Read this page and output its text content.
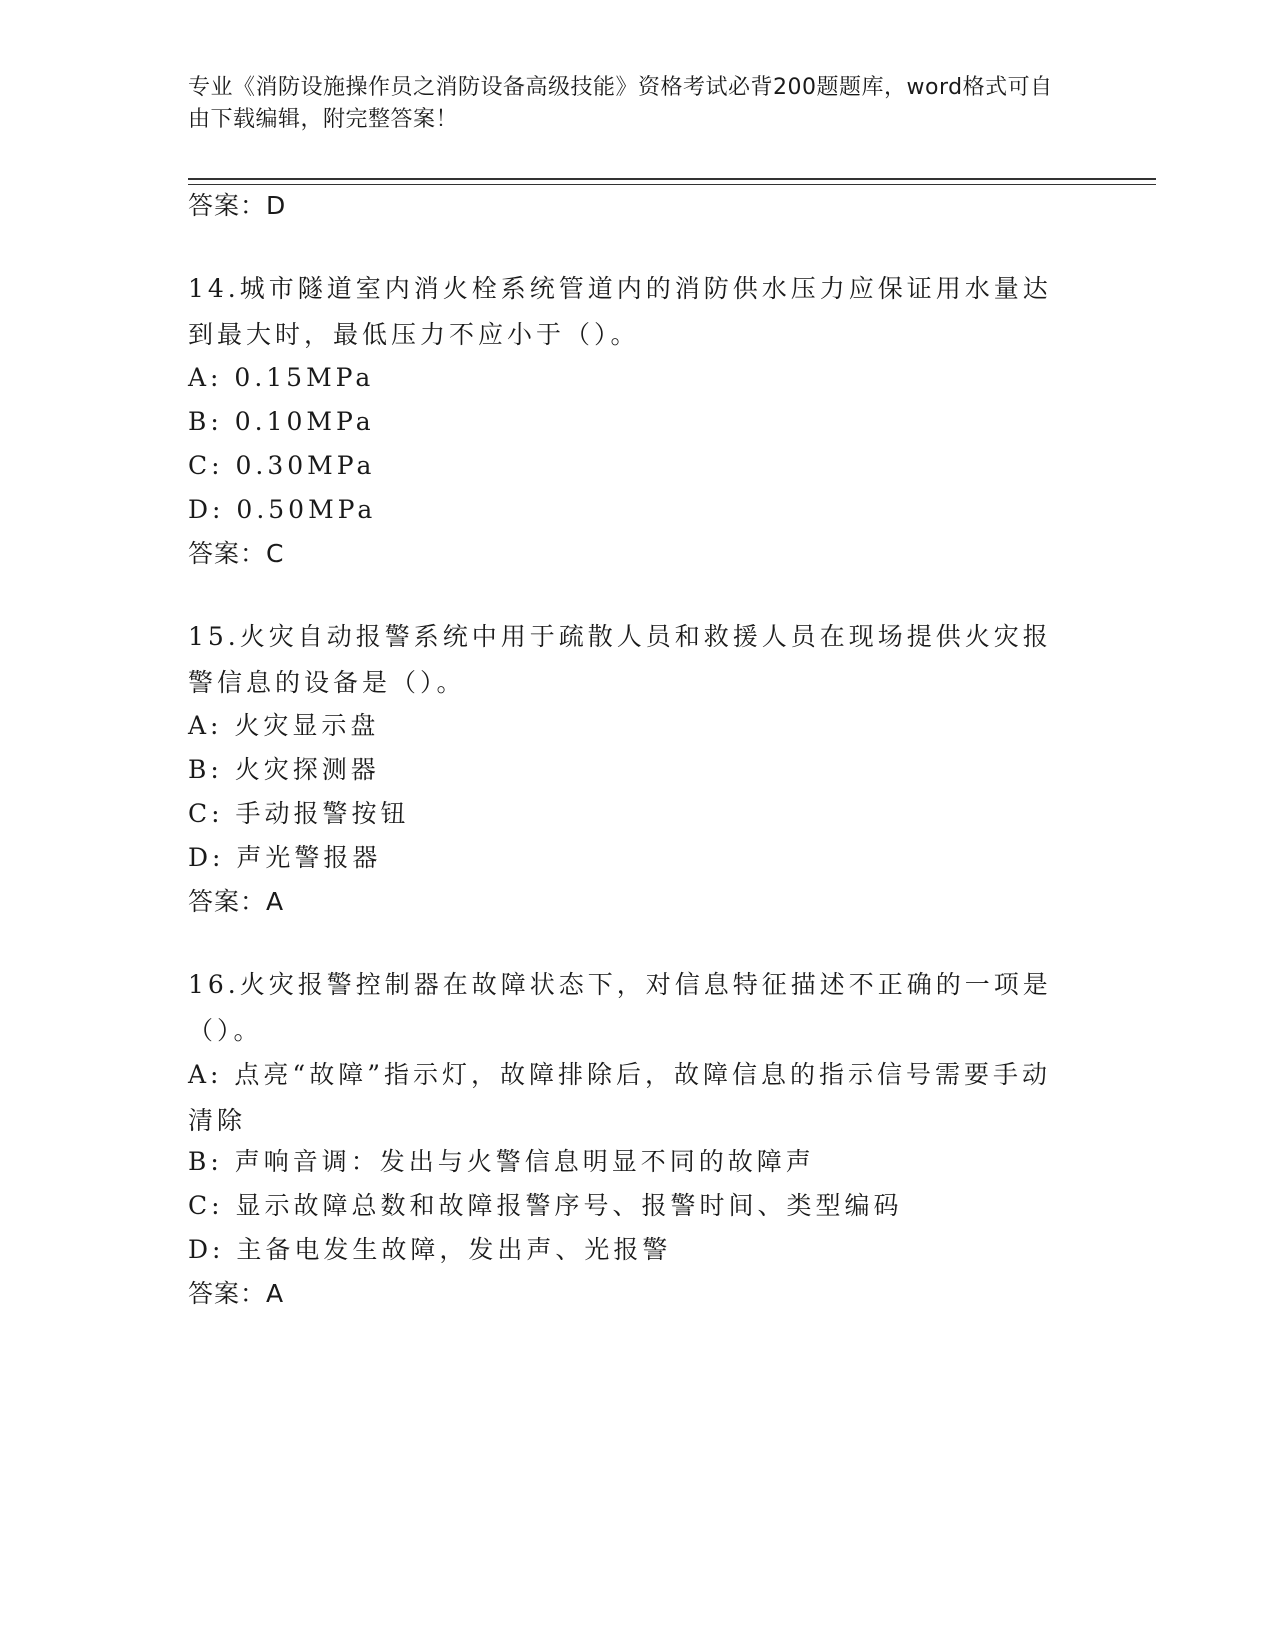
专业《消防设施操作员之消防设备高级技能》资格考试必背200题题库，word格式可自由下载编辑，附完整答案！
答案：D
14.城市隧道室内消火栓系统管道内的消防供水压力应保证用水量达到最大时，最低压力不应小于（）。
A: 0.15MPa
B: 0.10MPa
C: 0.30MPa
D: 0.50MPa
答案：C
15.火灾自动报警系统中用于疏散人员和救援人员在现场提供火灾报警信息的设备是（）。
A: 火灾显示盘
B: 火灾探测器
C: 手动报警按钮
D: 声光警报器
答案：A
16.火灾报警控制器在故障状态下，对信息特征描述不正确的一项是（）。
A: 点亮“故障”指示灯，故障排除后，故障信息的指示信号需要手动清除
B: 声响音调：发出与火警信息明显不同的故障声
C: 显示故障总数和故障报警序号、报警时间、类型编码
D: 主备电发生故障，发出声、光报警
答案：A
